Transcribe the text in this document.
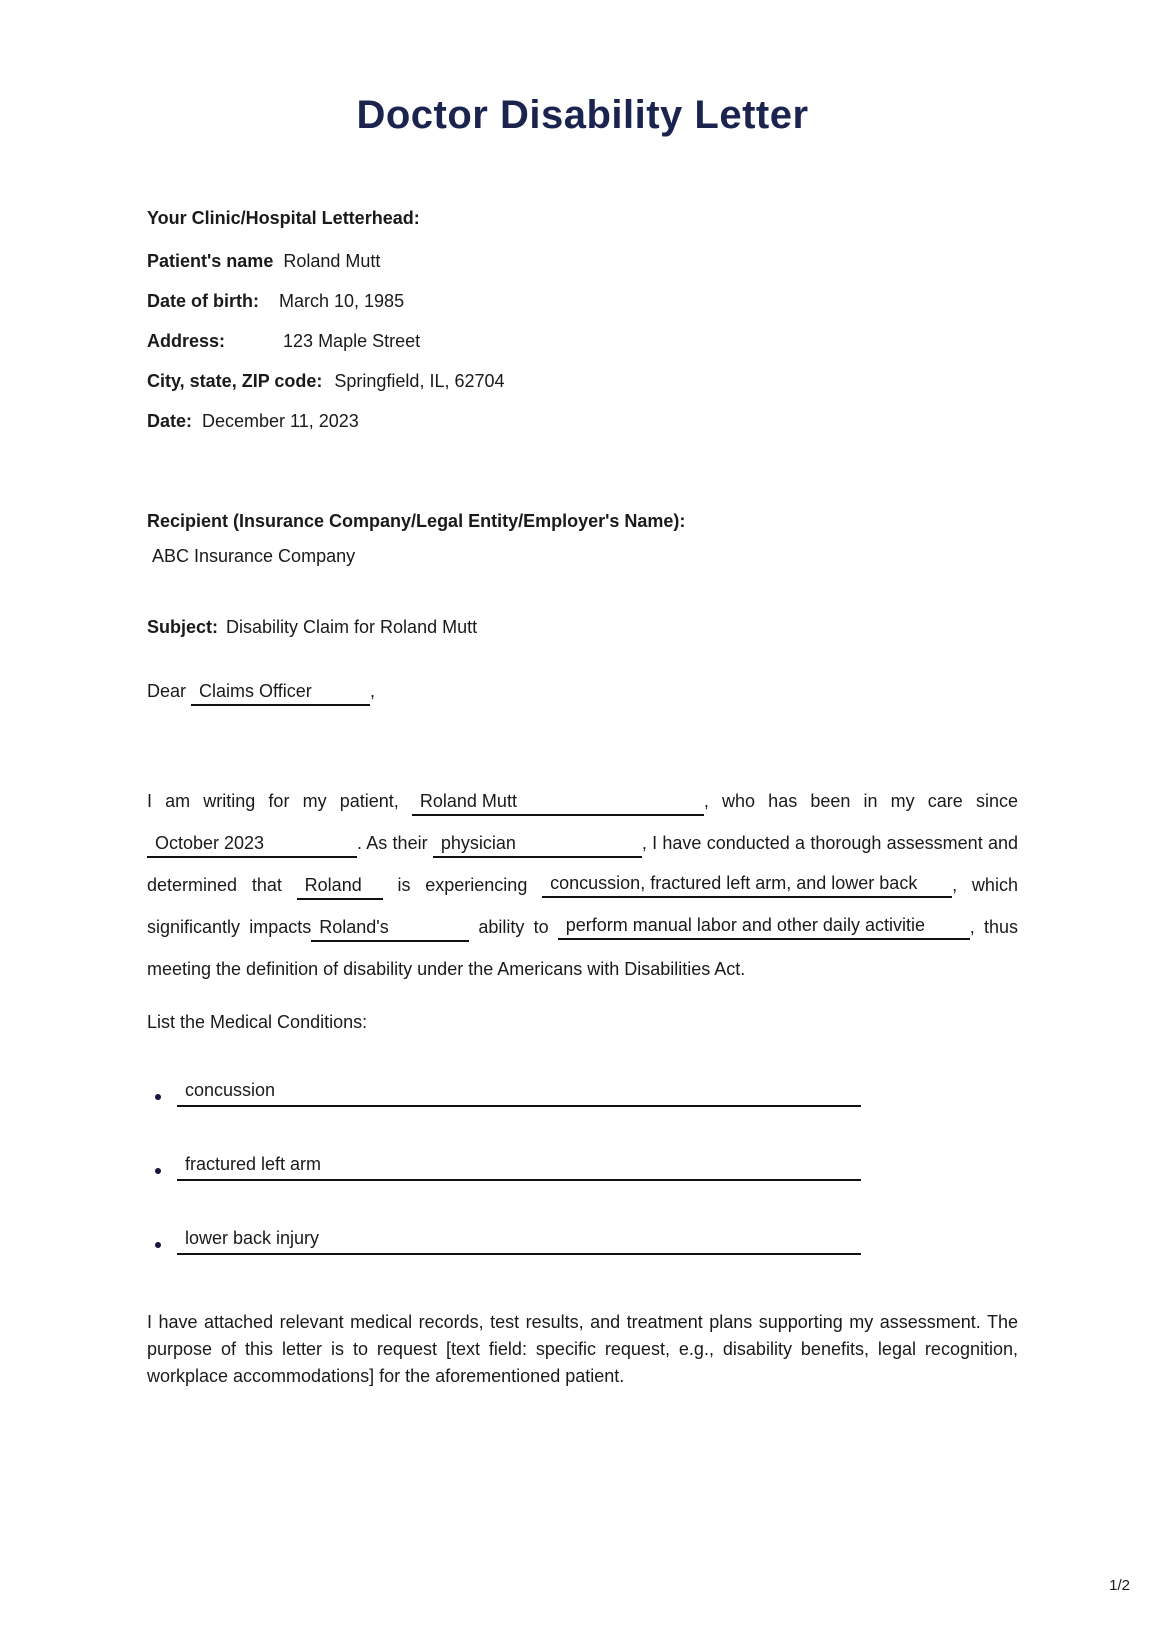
Doctor Disability Letter
Your Clinic/Hospital Letterhead:
Patient's name Roland Mutt
Date of birth: March 10, 1985
Address:	123 Maple Street
City, state, ZIP code: Springfield, IL, 62704
Date: December 11, 2023
Recipient (Insurance Company/Legal Entity/Employer's Name):
ABC Insurance Company
Subject: Disability Claim for Roland Mutt
Dear Claims Officer	,

I am writing for my patient, Roland Mutt	, who has been in my care since October 2023	. As their physician	, I have conducted a thorough assessment and determined that Roland is experiencing concussion, fractured left arm, and lower back , which significantly impacts Roland's	ability to perform manual labor and other daily activitie , thus meeting the definition of disability under the Americans with Disabilities Act.

List the Medical Conditions:
concussion
fractured left arm
lower back injury

I have attached relevant medical records, test results, and treatment plans supporting my assessment. The purpose of this letter is to request [text field: specific request, e.g., disability benefits, legal recognition, workplace accommodations] for the aforementioned patient.

1/2
